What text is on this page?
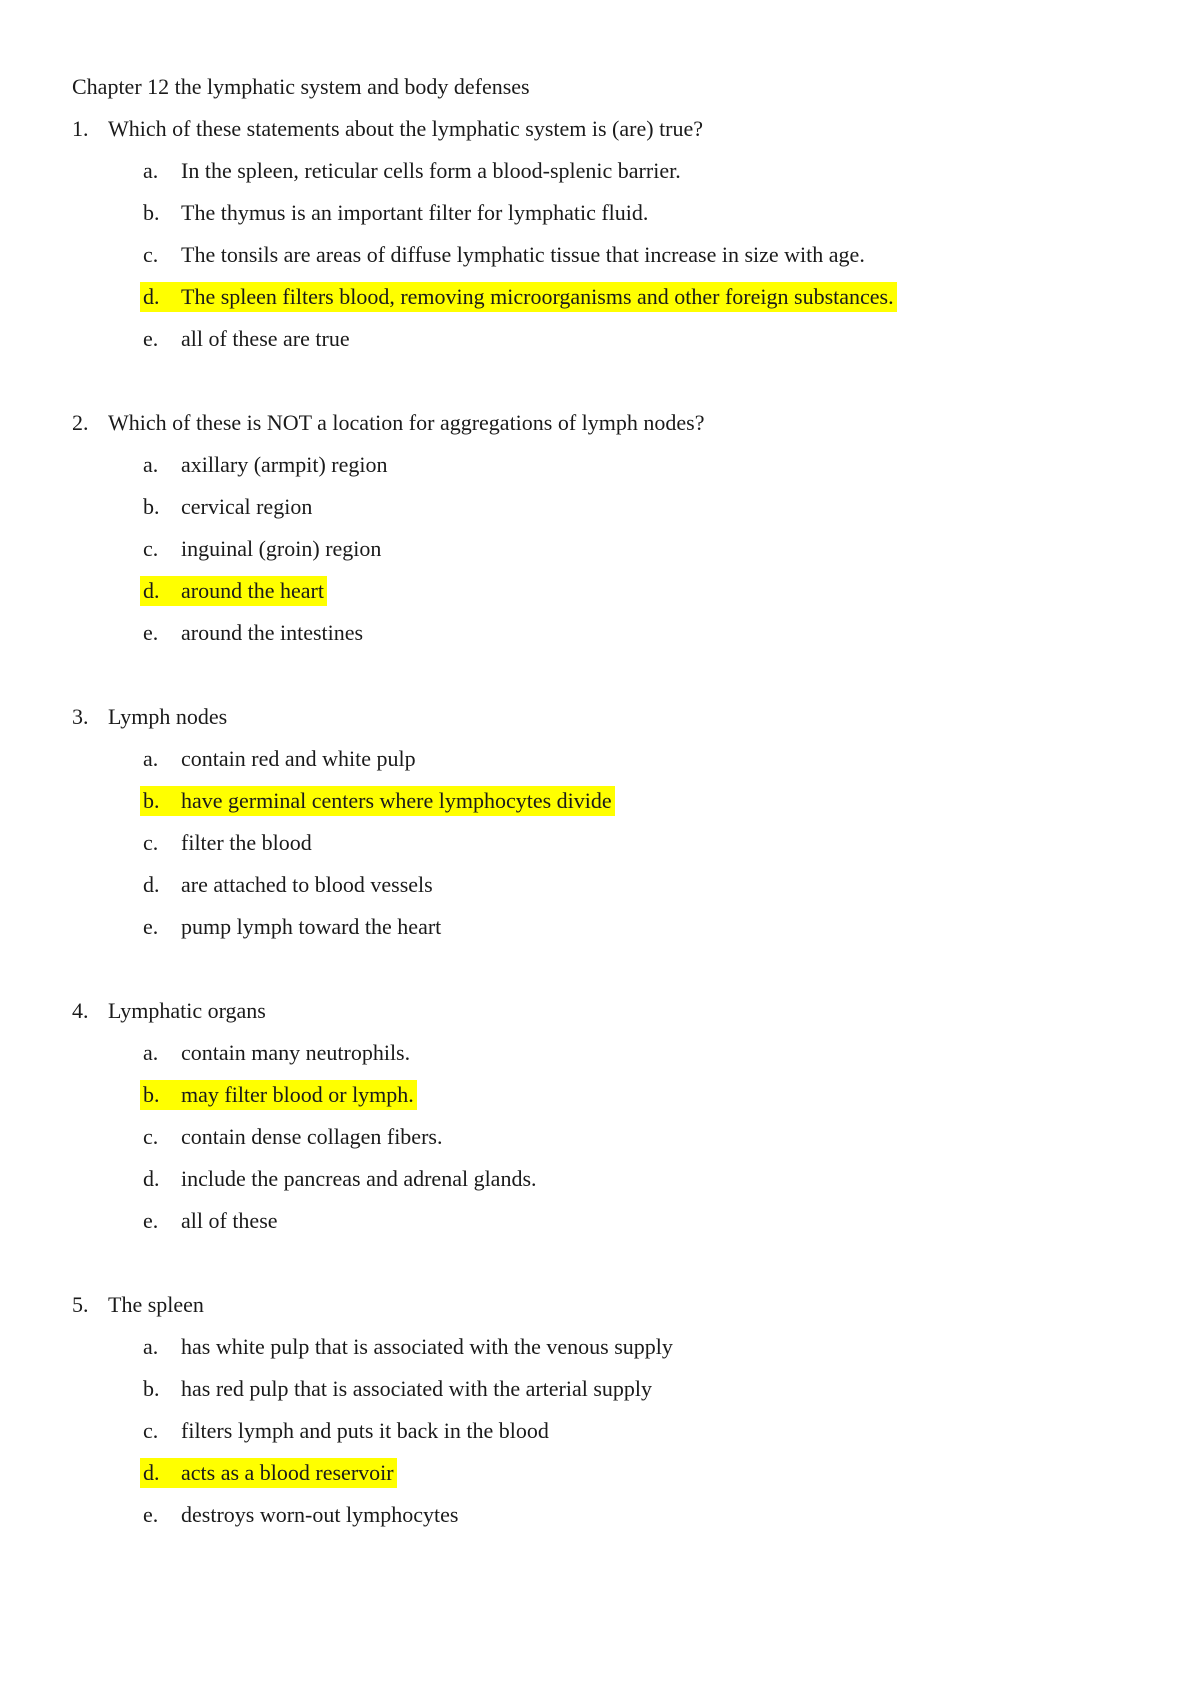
Chapter 12 the lymphatic system and body defenses
1. Which of these statements about the lymphatic system is (are) true?
a. In the spleen, reticular cells form a blood-splenic barrier.
b. The thymus is an important filter for lymphatic fluid.
c. The tonsils are areas of diffuse lymphatic tissue that increase in size with age.
d. The spleen filters blood, removing microorganisms and other foreign substances.
e. all of these are true
2. Which of these is NOT a location for aggregations of lymph nodes?
a. axillary (armpit) region
b. cervical region
c. inguinal (groin) region
d. around the heart
e. around the intestines
3. Lymph nodes
a. contain red and white pulp
b. have germinal centers where lymphocytes divide
c. filter the blood
d. are attached to blood vessels
e. pump lymph toward the heart
4. Lymphatic organs
a. contain many neutrophils.
b. may filter blood or lymph.
c. contain dense collagen fibers.
d. include the pancreas and adrenal glands.
e. all of these
5. The spleen
a. has white pulp that is associated with the venous supply
b. has red pulp that is associated with the arterial supply
c. filters lymph and puts it back in the blood
d. acts as a blood reservoir
e. destroys worn-out lymphocytes
